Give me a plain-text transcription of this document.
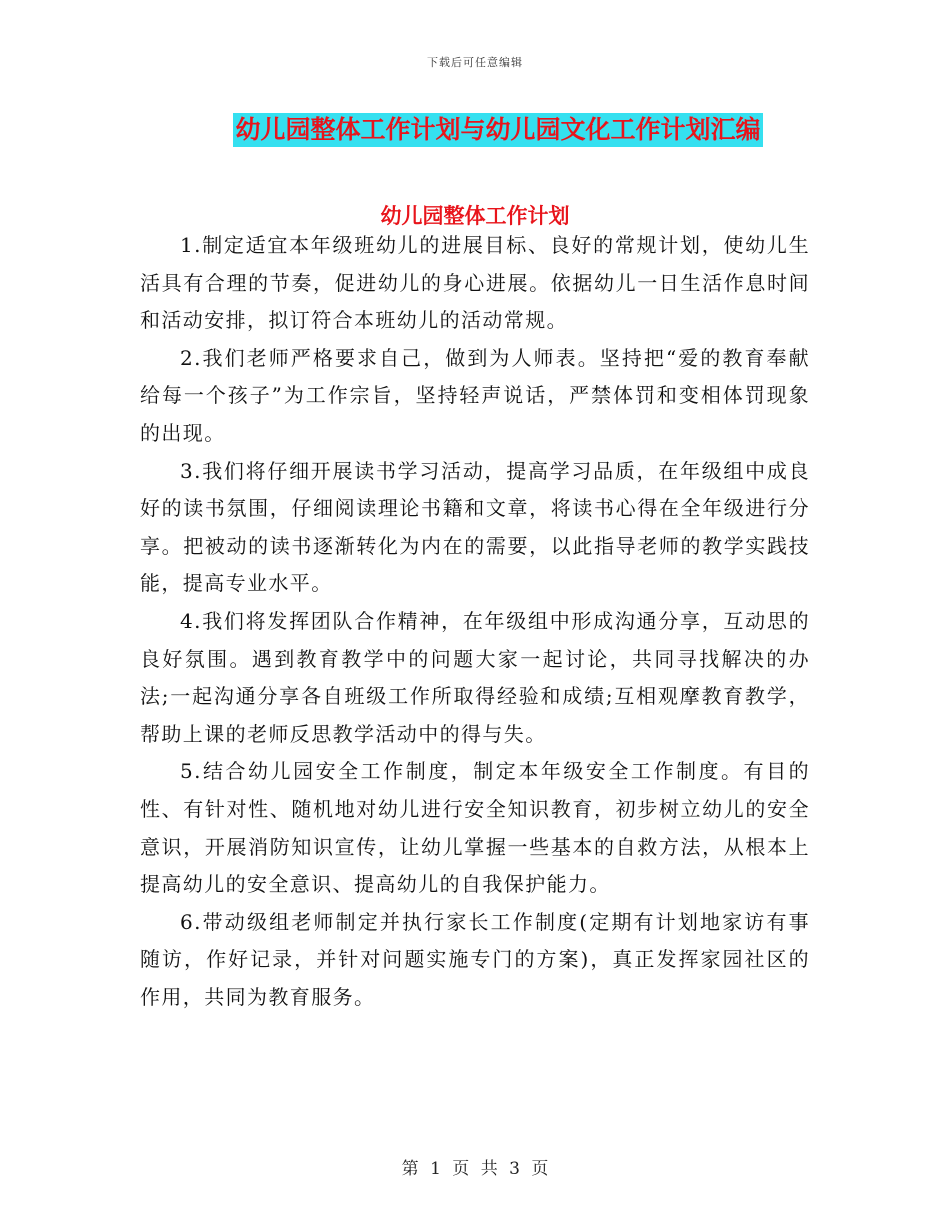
下载后可任意编辑
幼儿园整体工作计划与幼儿园文化工作计划汇编
幼儿园整体工作计划

1.制定适宜本年级班幼儿的进展目标、良好的常规计划，使幼儿生活具有合理的节奏，促进幼儿的身心进展。依据幼儿一日生活作息时间和活动安排，拟订符合本班幼儿的活动常规。

2.我们老师严格要求自己，做到为人师表。坚持把“爱的教育奉献给每一个孩子”为工作宗旨，坚持轻声说话，严禁体罚和变相体罚现象的出现。

3.我们将仔细开展读书学习活动，提高学习品质，在年级组中成良好的读书氛围，仔细阅读理论书籍和文章，将读书心得在全年级进行分享。把被动的读书逐渐转化为内在的需要，以此指导老师的教学实践技能，提高专业水平。

4.我们将发挥团队合作精神，在年级组中形成沟通分享，互动思的良好氛围。遇到教育教学中的问题大家一起讨论，共同寻找解决的办法;一起沟通分享各自班级工作所取得经验和成绩;互相观摩教育教学，帮助上课的老师反思教学活动中的得与失。

5.结合幼儿园安全工作制度，制定本年级安全工作制度。有目的性、有针对性、随机地对幼儿进行安全知识教育，初步树立幼儿的安全意识，开展消防知识宣传，让幼儿掌握一些基本的自救方法，从根本上提高幼儿的安全意识、提高幼儿的自我保护能力。

6.带动级组老师制定并执行家长工作制度(定期有计划地家访有事随访，作好记录，并针对问题实施专门的方案)，真正发挥家园社区的作用，共同为教育服务。

第 1 页 共 3 页
